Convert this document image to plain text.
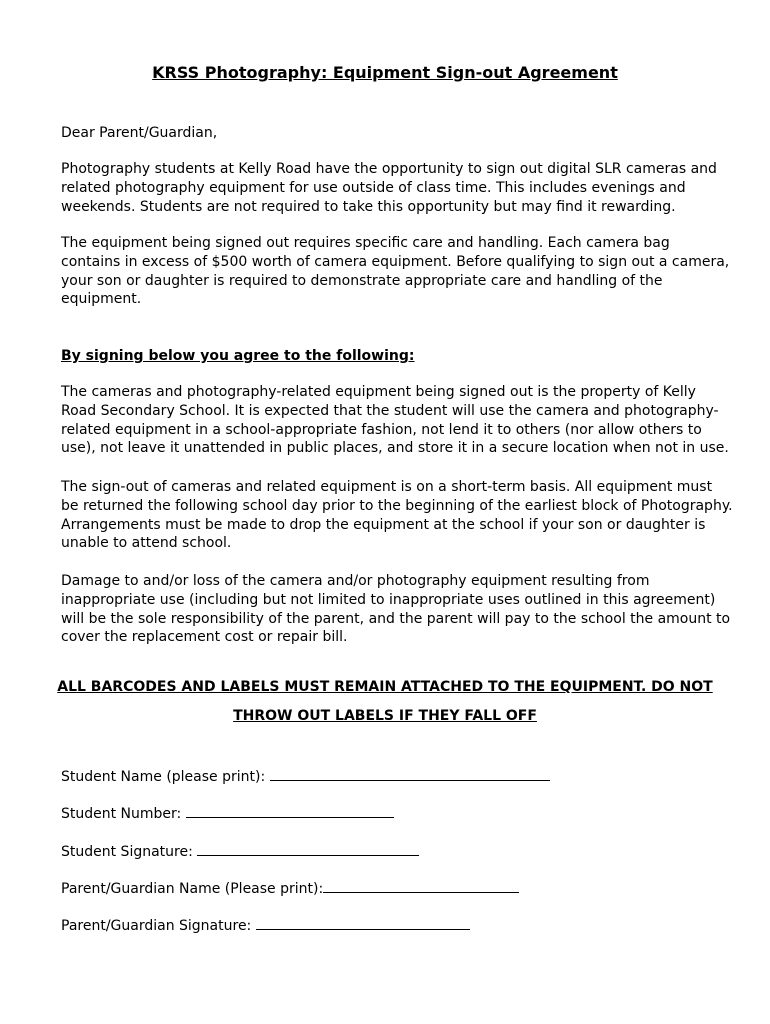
KRSS Photography: Equipment Sign-out Agreement

Dear Parent/Guardian,

Photography students at Kelly Road have the opportunity to sign out digital SLR cameras and related photography equipment for use outside of class time. This includes evenings and weekends. Students are not required to take this opportunity but may find it rewarding.

The equipment being signed out requires specific care and handling. Each camera bag contains in excess of $500 worth of camera equipment. Before qualifying to sign out a camera, your son or daughter is required to demonstrate appropriate care and handling of the equipment.

By signing below you agree to the following:

The cameras and photography-related equipment being signed out is the property of Kelly Road Secondary School. It is expected that the student will use the camera and photography-related equipment in a school-appropriate fashion, not lend it to others (nor allow others to use), not leave it unattended in public places, and store it in a secure location when not in use.

The sign-out of cameras and related equipment is on a short-term basis. All equipment must be returned the following school day prior to the beginning of the earliest block of Photography. Arrangements must be made to drop the equipment at the school if your son or daughter is unable to attend school.

Damage to and/or loss of the camera and/or photography equipment resulting from inappropriate use (including but not limited to inappropriate uses outlined in this agreement) will be the sole responsibility of the parent, and the parent will pay to the school the amount to cover the replacement cost or repair bill.

ALL BARCODES AND LABELS MUST REMAIN ATTACHED TO THE EQUIPMENT. DO NOT
THROW OUT LABELS IF THEY FALL OFF
Student Name (please print):
Student Number:
Student Signature:
Parent/Guardian Name (Please print):
Parent/Guardian Signature:
